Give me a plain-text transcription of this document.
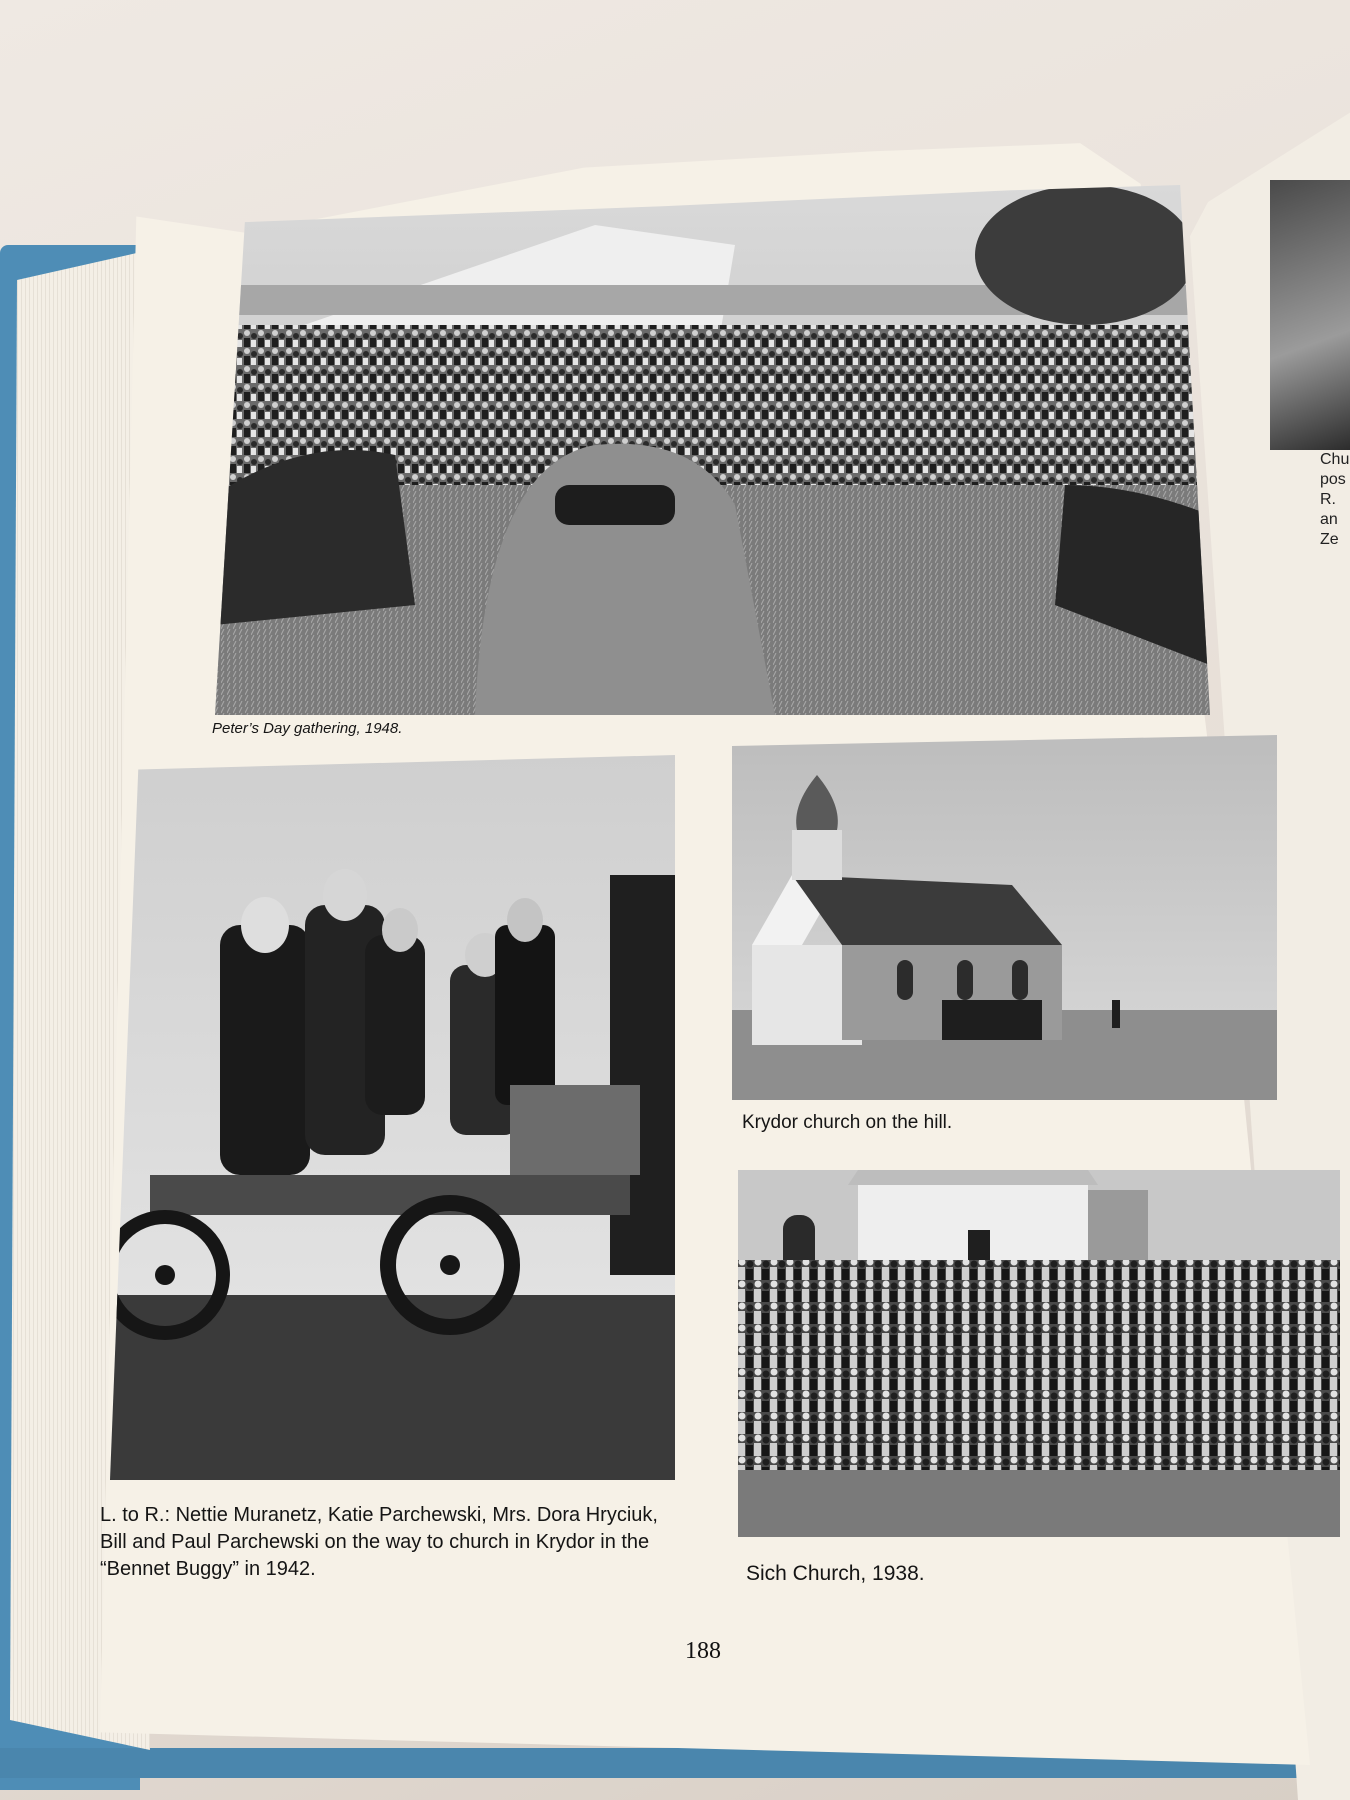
Chu
pos
R.
an
Ze

Peter’s Day gathering, 1948.

L. to R.: Nettie Muranetz, Katie Parchewski, Mrs. Dora Hryciuk, Bill and Paul Parchewski on the way to church in Krydor in the “Bennet Buggy” in 1942.

Krydor church on the hill.

Sich Church, 1938.

188
